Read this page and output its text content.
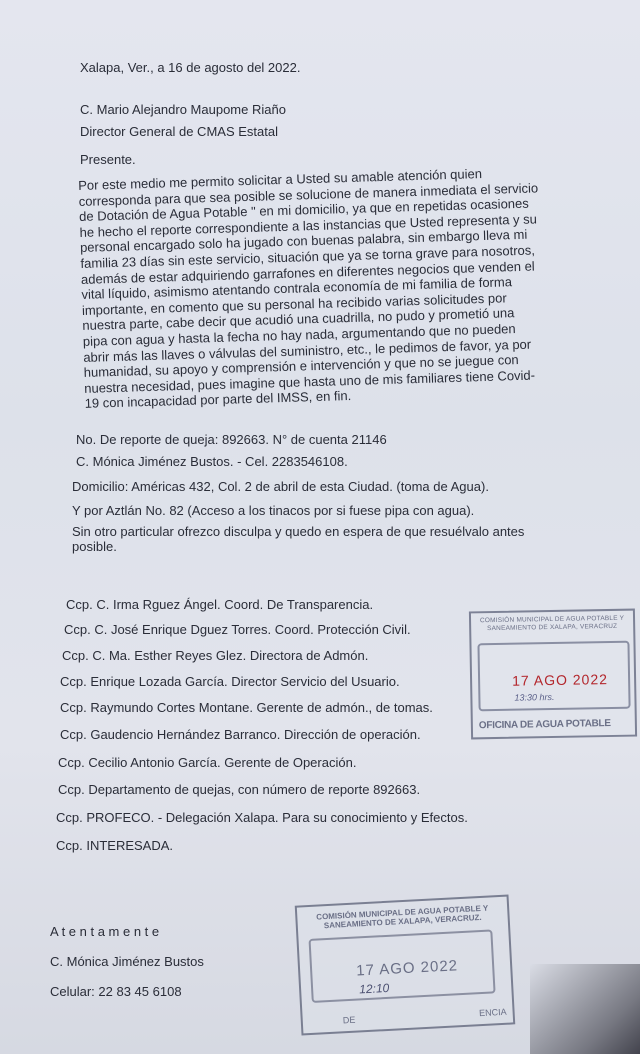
Xalapa, Ver., a 16 de agosto del 2022.
C. Mario Alejandro Maupome Riaño
Director General de CMAS Estatal
Presente.

Por este medio me permito solicitar a Usted su amable atención quien corresponda para que sea posible se solucione de manera inmediata el servicio de Dotación de Agua Potable " en mi domicilio, ya que en repetidas ocasiones he hecho el reporte correspondiente a las instancias que Usted representa y su personal encargado solo ha jugado con buenas palabra, sin embargo lleva mi familia 23 días sin este servicio, situación que ya se torna grave para nosotros, además de estar adquiriendo garrafones en diferentes negocios que venden el vital líquido, asimismo atentando contrala economía de mi familia de forma importante, en comento que su personal ha recibido varias solicitudes por nuestra parte, cabe decir que acudió una cuadrilla, no pudo y prometió una pipa con agua y hasta la fecha no hay nada, argumentando que no pueden abrir más las llaves o válvulas del suministro, etc., le pedimos de favor, ya por humanidad, su apoyo y comprensión e intervención y que no se juegue con nuestra necesidad, pues imagine que hasta uno de mis familiares tiene Covid-19 con incapacidad por parte del IMSS, en fin.

No. De reporte de queja: 892663. N° de cuenta 21146
C. Mónica Jiménez Bustos. - Cel. 2283546108.
Domicilio: Américas 432, Col. 2 de abril de esta Ciudad. (toma de Agua).
Y por Aztlán No. 82 (Acceso a los tinacos por si fuese pipa con agua).
Sin otro particular ofrezco disculpa y quedo en espera de que resuélvalo antes posible.
Ccp. C. Irma Rguez Ángel. Coord. De Transparencia.
Ccp. C. José Enrique Dguez Torres. Coord. Protección Civil.
Ccp. C. Ma. Esther Reyes Glez. Directora de Admón.
Ccp. Enrique Lozada García. Director Servicio del Usuario.
Ccp. Raymundo Cortes Montane. Gerente de admón., de tomas.
Ccp. Gaudencio Hernández Barranco. Dirección de operación.
Ccp. Cecilio Antonio García. Gerente de Operación.
Ccp. Departamento de quejas, con número de reporte 892663.
Ccp. PROFECO. - Delegación Xalapa. Para su conocimiento y Efectos.
Ccp. INTERESADA.
A t e n t a m e n t e
C. Mónica Jiménez Bustos
Celular: 22 83 45 6108
COMISIÓN MUNICIPAL DE AGUA POTABLE Y SANEAMIENTO DE XALAPA, VERACRUZ
17 AGO 2022
13:30 hrs.
OFICINA DE AGUA POTABLE
COMISIÓN MUNICIPAL DE AGUA POTABLE Y SANEAMIENTO DE XALAPA, VERACRUZ.
17 AGO 2022
12:10
DE
ENCIA
